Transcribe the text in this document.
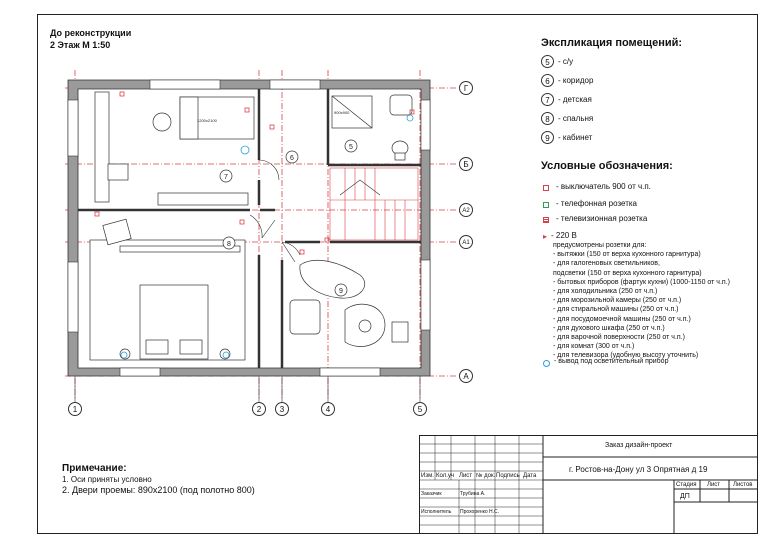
До реконструкции
2 Этаж М 1:50
900х900
1200х2100
6
7
8
5
9
1	2	3	4	5
Г
Б
А2
А1
А
Экспликация помещений:
5	- с/у
6	- коридор
7	- детская
8	- спальня
9	- кабинет
Условные обозначения:
- выключатель 900 от ч.п.
- телефонная розетка
- телевизионная розетка
▸ - 220 В
предусмотрены розетки для:
- вытяжки (150 от верха кухонного гарнитура)
- для галогеновых светильников,
подсветки (150 от верха кухонного гарнитура)
- бытовых приборов (фартук кухни) (1000-1150 от ч.п.)
- для холодильника (250 от ч.п.)
- для морозильной камеры (250 от ч.п.)
- для стиральной машины (250 от ч.п.)
- для посудомоечной машины (250 от ч.п.)
- для духового шкафа (250 от ч.п.)
- для варочной поверхности (250 от ч.п.)
- для комнат (300 от ч.п.)
- для телевизора (удобную высоту уточнить)
- вывод под осветительный прибор
Примечание:
1. Оси приняты условно
2. Двери проемы: 890х2100 (под полотно 800)
Заказ дизайн-проект
г. Ростов-на-Дону ул 3 Опрятная д 19
Изм. Кол.уч Лист № док. Подпись Дата
Заказчик	Трубина А.
Исполнитель Прохоренко Н.С.
Стадия Лист Листов
ДП
